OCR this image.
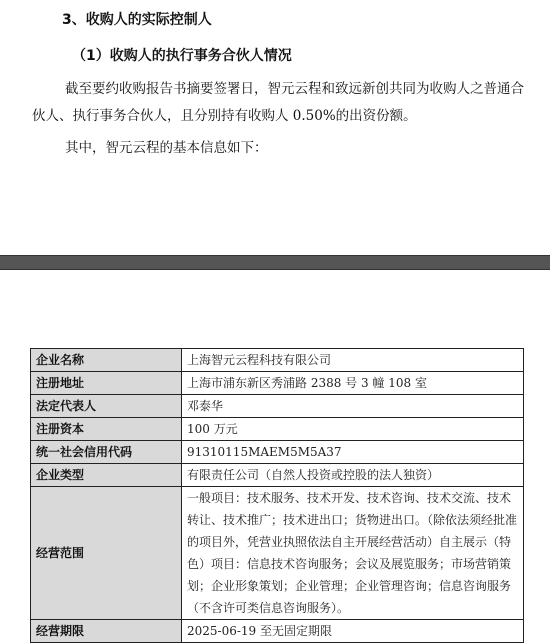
3、收购人的实际控制人
（1）收购人的执行事务合伙人情况
截至要约收购报告书摘要签署日，智元云程和致远新创共同为收购人之普通合伙人、执行事务合伙人，且分别持有收购人 0.50%的出资份额。
其中，智元云程的基本信息如下：
企业名称	上海智元云程科技有限公司
注册地址	上海市浦东新区秀浦路 2388 号 3 幢 108 室
法定代表人	邓泰华
注册资本	100 万元
统一社会信用代码	91310115MAEM5M5A37
企业类型	有限责任公司（自然人投资或控股的法人独资）
经营范围	一般项目：技术服务、技术开发、技术咨询、技术交流、技术转让、技术推广；技术进出口；货物进出口。（除依法须经批准的项目外，凭营业执照依法自主开展经营活动）自主展示（特色）项目：信息技术咨询服务；会议及展览服务；市场营销策划；企业形象策划；企业管理；企业管理咨询；信息咨询服务（不含许可类信息咨询服务）。
经营期限	2025-06-19 至无固定期限
